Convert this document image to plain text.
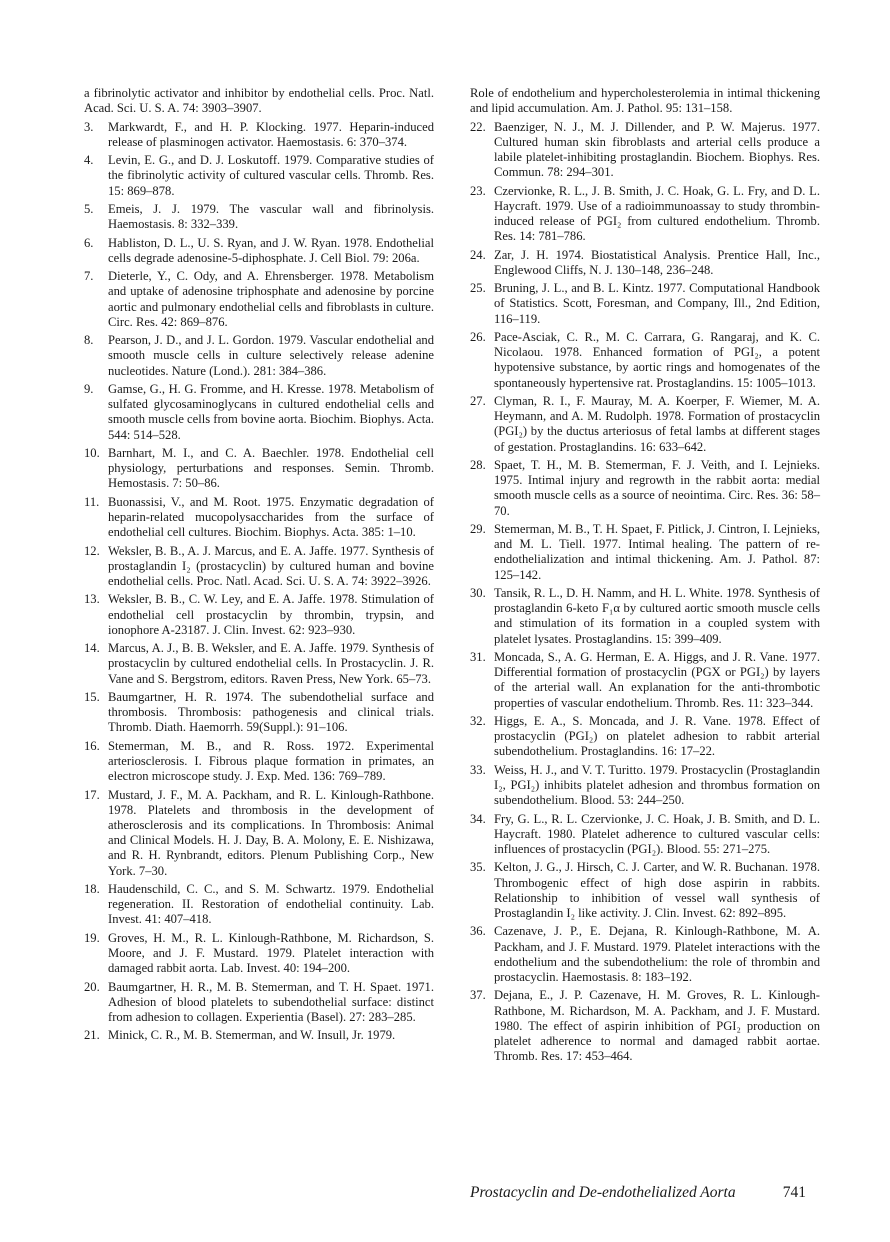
a fibrinolytic activator and inhibitor by endothelial cells. Proc. Natl. Acad. Sci. U. S. A. 74: 3903–3907.
3.	Markwardt, F., and H. P. Klocking. 1977. Heparin-induced release of plasminogen activator. Haemostasis. 6: 370–374.
4.	Levin, E. G., and D. J. Loskutoff. 1979. Comparative studies of the fibrinolytic activity of cultured vascular cells. Thromb. Res. 15: 869–878.
5.	Emeis, J. J. 1979. The vascular wall and fibrinolysis. Haemostasis. 8: 332–339.
6.	Habliston, D. L., U. S. Ryan, and J. W. Ryan. 1978. Endothelial cells degrade adenosine-5-diphosphate. J. Cell Biol. 79: 206a.
7.	Dieterle, Y., C. Ody, and A. Ehrensberger. 1978. Metabolism and uptake of adenosine triphosphate and adenosine by porcine aortic and pulmonary endothelial cells and fibroblasts in culture. Circ. Res. 42: 869–876.
8.	Pearson, J. D., and J. L. Gordon. 1979. Vascular endothelial and smooth muscle cells in culture selectively release adenine nucleotides. Nature (Lond.). 281: 384–386.
9.	Gamse, G., H. G. Fromme, and H. Kresse. 1978. Metabolism of sulfated glycosaminoglycans in cultured endothelial cells and smooth muscle cells from bovine aorta. Biochim. Biophys. Acta. 544: 514–528.
10. Barnhart, M. I., and C. A. Baechler. 1978. Endothelial cell physiology, perturbations and responses. Semin. Thromb. Hemostasis. 7: 50–86.
11. Buonassisi, V., and M. Root. 1975. Enzymatic degradation of heparin-related mucopolysaccharides from the surface of endothelial cell cultures. Biochim. Biophys. Acta. 385: 1–10.
12. Weksler, B. B., A. J. Marcus, and E. A. Jaffe. 1977. Synthesis of prostaglandin I₂ (prostacyclin) by cultured human and bovine endothelial cells. Proc. Natl. Acad. Sci. U. S. A. 74: 3922–3926.
13. Weksler, B. B., C. W. Ley, and E. A. Jaffe. 1978. Stimulation of endothelial cell prostacyclin by thrombin, trypsin, and ionophore A-23187. J. Clin. Invest. 62: 923–930.
14. Marcus, A. J., B. B. Weksler, and E. A. Jaffe. 1979. Synthesis of prostacyclin by cultured endothelial cells. In Prostacyclin. J. R. Vane and S. Bergstrom, editors. Raven Press, New York. 65–73.
15. Baumgartner, H. R. 1974. The subendothelial surface and thrombosis. Thrombosis: pathogenesis and clinical trials. Thromb. Diath. Haemorrh. 59(Suppl.): 91–106.
16. Stemerman, M. B., and R. Ross. 1972. Experimental arteriosclerosis. I. Fibrous plaque formation in primates, an electron microscope study. J. Exp. Med. 136: 769–789.
17. Mustard, J. F., M. A. Packham, and R. L. Kinlough-Rathbone. 1978. Platelets and thrombosis in the development of atherosclerosis and its complications. In Thrombosis: Animal and Clinical Models. H. J. Day, B. A. Molony, E. E. Nishizawa, and R. H. Rynbrandt, editors. Plenum Publishing Corp., New York. 7–30.
18. Haudenschild, C. C., and S. M. Schwartz. 1979. Endothelial regeneration. II. Restoration of endothelial continuity. Lab. Invest. 41: 407–418.
19. Groves, H. M., R. L. Kinlough-Rathbone, M. Richardson, S. Moore, and J. F. Mustard. 1979. Platelet interaction with damaged rabbit aorta. Lab. Invest. 40: 194–200.
20. Baumgartner, H. R., M. B. Stemerman, and T. H. Spaet. 1971. Adhesion of blood platelets to subendothelial surface: distinct from adhesion to collagen. Experientia (Basel). 27: 283–285.
21. Minick, C. R., M. B. Stemerman, and W. Insull, Jr. 1979.
Role of endothelium and hypercholesterolemia in intimal thickening and lipid accumulation. Am. J. Pathol. 95: 131–158.
22. Baenziger, N. J., M. J. Dillender, and P. W. Majerus. 1977. Cultured human skin fibroblasts and arterial cells produce a labile platelet-inhibiting prostaglandin. Biochem. Biophys. Res. Commun. 78: 294–301.
23. Czervionke, R. L., J. B. Smith, J. C. Hoak, G. L. Fry, and D. L. Haycraft. 1979. Use of a radioimmunoassay to study thrombin-induced release of PGI₂ from cultured endothelium. Thromb. Res. 14: 781–786.
24. Zar, J. H. 1974. Biostatistical Analysis. Prentice Hall, Inc., Englewood Cliffs, N. J. 130–148, 236–248.
25. Bruning, J. L., and B. L. Kintz. 1977. Computational Handbook of Statistics. Scott, Foresman, and Company, Ill., 2nd Edition, 116–119.
26. Pace-Asciak, C. R., M. C. Carrara, G. Rangaraj, and K. C. Nicolaou. 1978. Enhanced formation of PGI₂, a potent hypotensive substance, by aortic rings and homogenates of the spontaneously hypertensive rat. Prostaglandins. 15: 1005–1013.
27. Clyman, R. I., F. Mauray, M. A. Koerper, F. Wiemer, M. A. Heymann, and A. M. Rudolph. 1978. Formation of prostacyclin (PGI₂) by the ductus arteriosus of fetal lambs at different stages of gestation. Prostaglandins. 16: 633–642.
28. Spaet, T. H., M. B. Stemerman, F. J. Veith, and I. Lejnieks. 1975. Intimal injury and regrowth in the rabbit aorta: medial smooth muscle cells as a source of neointima. Circ. Res. 36: 58–70.
29. Stemerman, M. B., T. H. Spaet, F. Pitlick, J. Cintron, I. Lejnieks, and M. L. Tiell. 1977. Intimal healing. The pattern of re-endothelialization and intimal thickening. Am. J. Pathol. 87: 125–142.
30. Tansik, R. L., D. H. Namm, and H. L. White. 1978. Synthesis of prostaglandin 6-keto F₁α by cultured aortic smooth muscle cells and stimulation of its formation in a coupled system with platelet lysates. Prostaglandins. 15: 399–409.
31. Moncada, S., A. G. Herman, E. A. Higgs, and J. R. Vane. 1977. Differential formation of prostacyclin (PGX or PGI₂) by layers of the arterial wall. An explanation for the anti-thrombotic properties of vascular endothelium. Thromb. Res. 11: 323–344.
32. Higgs, E. A., S. Moncada, and J. R. Vane. 1978. Effect of prostacyclin (PGI₂) on platelet adhesion to rabbit arterial subendothelium. Prostaglandins. 16: 17–22.
33. Weiss, H. J., and V. T. Turitto. 1979. Prostacyclin (Prostaglandin I₂, PGI₂) inhibits platelet adhesion and thrombus formation on subendothelium. Blood. 53: 244–250.
34. Fry, G. L., R. L. Czervionke, J. C. Hoak, J. B. Smith, and D. L. Haycraft. 1980. Platelet adherence to cultured vascular cells: influences of prostacyclin (PGI₂). Blood. 55: 271–275.
35. Kelton, J. G., J. Hirsch, C. J. Carter, and W. R. Buchanan. 1978. Thrombogenic effect of high dose aspirin in rabbits. Relationship to inhibition of vessel wall synthesis of Prostaglandin I₂ like activity. J. Clin. Invest. 62: 892–895.
36. Cazenave, J. P., E. Dejana, R. Kinlough-Rathbone, M. A. Packham, and J. F. Mustard. 1979. Platelet interactions with the endothelium and the subendothelium: the role of thrombin and prostacyclin. Haemostasis. 8: 183–192.
37. Dejana, E., J. P. Cazenave, H. M. Groves, R. L. Kinlough-Rathbone, M. Richardson, M. A. Packham, and J. F. Mustard. 1980. The effect of aspirin inhibition of PGI₂ production on platelet adherence to normal and damaged rabbit aortae. Thromb. Res. 17: 453–464.
Prostacyclin and De-endothelialized Aorta	741
